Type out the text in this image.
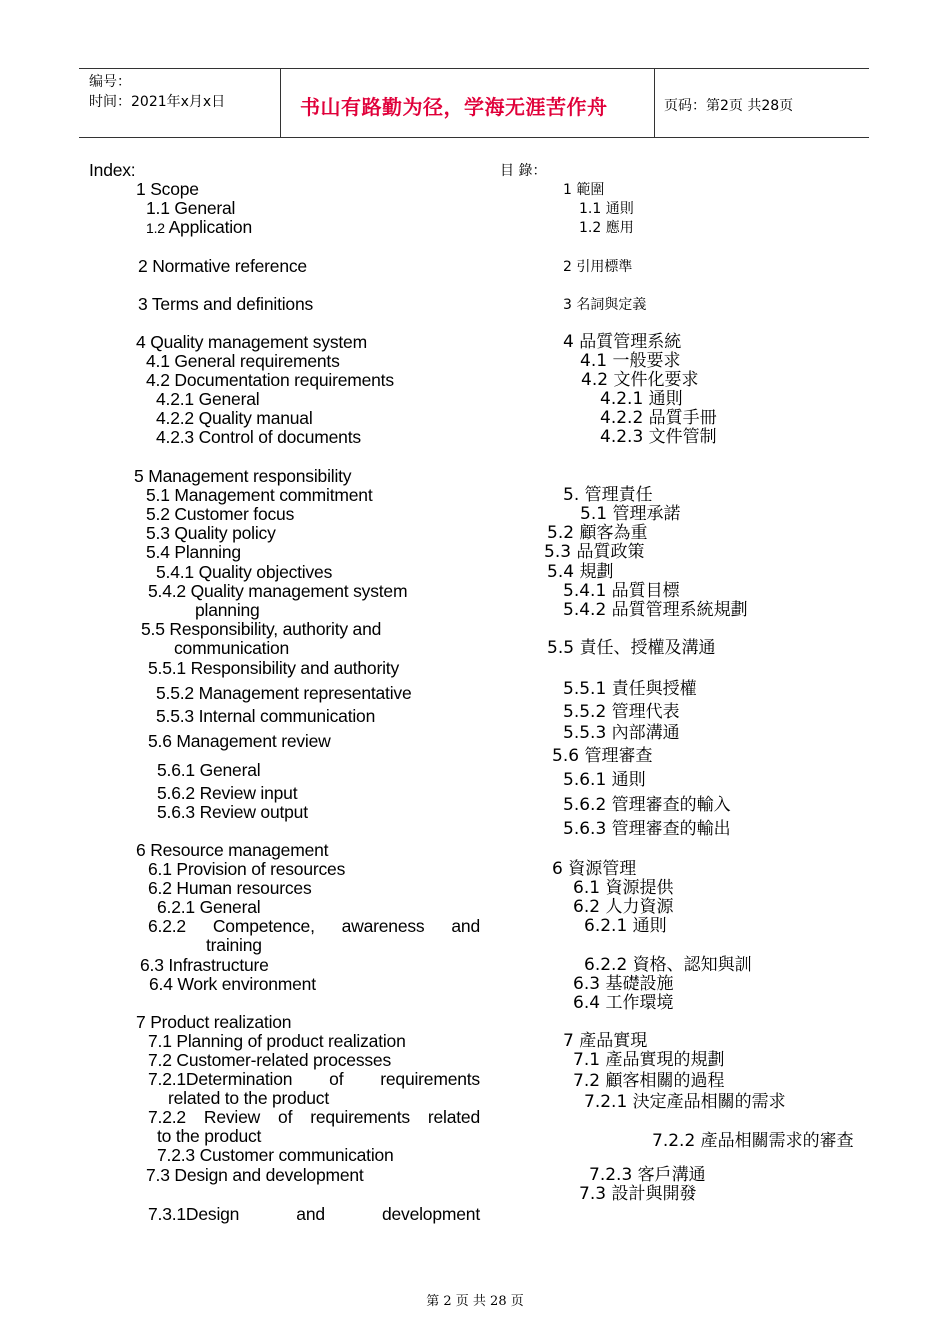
编号：
时间：2021年x月x日	书山有路勤为径，学海无涯苦作舟	页码：第2页 共28页
Index:
1 Scope
1.1 General
1.2 Application
2 Normative reference
3 Terms and definitions
4 Quality management system
4.1 General requirements
4.2 Documentation requirements
4.2.1 General
4.2.2 Quality manual
4.2.3 Control of documents
5 Management responsibility
5.1 Management commitment
5.2 Customer focus
5.3 Quality policy
5.4 Planning
5.4.1 Quality objectives
5.4.2 Quality management system
planning
5.5 Responsibility, authority and
communication
5.5.1 Responsibility and authority
5.5.2 Management representative
5.5.3 Internal communication
5.6 Management review
5.6.1 General
5.6.2 Review input
5.6.3 Review output
6 Resource management
6.1 Provision of resources
6.2 Human resources
6.2.1 General
6.2.2 Competence, awareness and
training
6.3 Infrastructure
6.4 Work environment
7 Product realization
7.1 Planning of product realization
7.2 Customer-related processes
7.2.1Determination of requirements
related to the product
7.2.2 Review of requirements related
to the product
7.2.3 Customer communication
7.3 Design and development
7.3.1Design	and	development
目 錄：
1 範圍
1.1 通則
1.2 應用
2 引用標準
3 名詞與定義
4 品質管理系統
4.1 一般要求
4.2 文件化要求
4.2.1 通則
4.2.2 品質手冊
4.2.3 文件管制
5. 管理責任
5.1 管理承諾
5.2 顧客為重
5.3 品質政策
5.4 規劃
5.4.1 品質目標
5.4.2 品質管理系統規劃
5.5 責任、授權及溝通
5.5.1 責任與授權
5.5.2 管理代表
5.5.3 內部溝通
5.6 管理審查
5.6.1 通則
5.6.2 管理審查的輸入
5.6.3 管理審查的輸出
6 資源管理
6.1 資源提供
6.2 人力資源
6.2.1 通則
6.2.2 資格、認知與訓
6.3 基礎設施
6.4 工作環境
7 產品實現
7.1 產品實現的規劃
7.2 顧客相關的過程
7.2.1 決定產品相關的需求
7.2.2 產品相關需求的審查
7.2.3 客戶溝通
7.3 設計與開發
第 2 页 共 28 页
